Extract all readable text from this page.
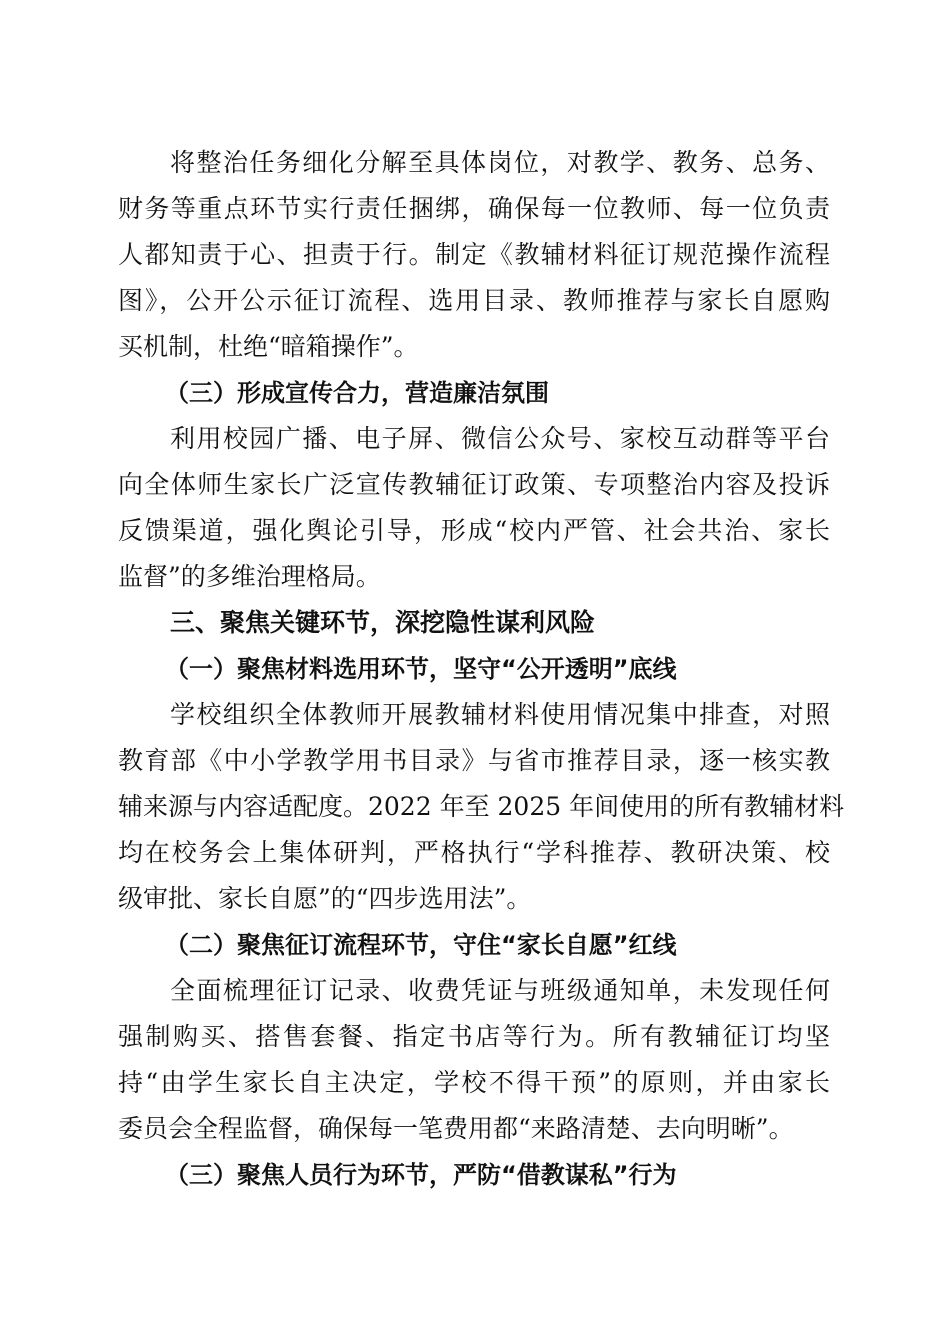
将整治任务细化分解至具体岗位，对教学、教务、总务、

财务等重点环节实行责任捆绑，确保每一位教师、每一位负责

人都知责于心、担责于行。制定《教辅材料征订规范操作流程

图》，公开公示征订流程、选用目录、教师推荐与家长自愿购

买机制，杜绝“暗箱操作”。

（三）形成宣传合力，营造廉洁氛围

利用校园广播、电子屏、微信公众号、家校互动群等平台

向全体师生家长广泛宣传教辅征订政策、专项整治内容及投诉

反馈渠道，强化舆论引导，形成“校内严管、社会共治、家长

监督”的多维治理格局。

三、聚焦关键环节，深挖隐性谋利风险

（一）聚焦材料选用环节，坚守“公开透明”底线

学校组织全体教师开展教辅材料使用情况集中排查，对照

教育部《中小学教学用书目录》与省市推荐目录，逐一核实教

辅来源与内容适配度。2022 年至 2025 年间使用的所有教辅材料

均在校务会上集体研判，严格执行“学科推荐、教研决策、校

级审批、家长自愿”的“四步选用法”。

（二）聚焦征订流程环节，守住“家长自愿”红线

全面梳理征订记录、收费凭证与班级通知单，未发现任何

强制购买、搭售套餐、指定书店等行为。所有教辅征订均坚

持“由学生家长自主决定，学校不得干预”的原则，并由家长

委员会全程监督，确保每一笔费用都“来路清楚、去向明晰”。

（三）聚焦人员行为环节，严防“借教谋私”行为
